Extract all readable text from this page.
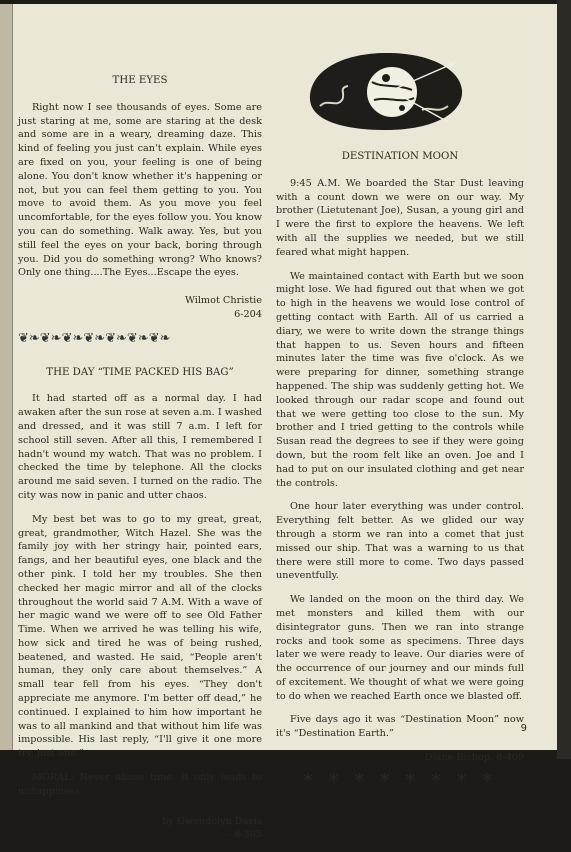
THE EYES

Right now I see thousands of eyes. Some are just staring at me, some are staring at the desk and some are in a weary, dreaming daze. This kind of feeling you just can't explain. While eyes are fixed on you, your feeling is one of being alone. You don't know whether it's happening or not, but you can feel them getting to you. You move to avoid them. As you move you feel uncomfortable, for the eyes follow you. You know you can do something. Walk away. Yes, but you still feel the eyes on your back, boring through you. Did you do something wrong? Who knows? Only one thing....The Eyes...Escape the eyes.

Wilmot Christie
6-204
❦❧❦❧❦❧❦❧❦❧❦❧❦❧
THE DAY “TIME PACKED HIS BAG”

It had started off as a normal day. I had awaken after the sun rose at seven a.m. I washed and dressed, and it was still 7 a.m. I left for school still seven. After all this, I remembered I hadn't wound my watch. That was no problem. I checked the time by telephone. All the clocks around me said seven. I turned on the radio. The city was now in panic and utter chaos.

My best bet was to go to my great, great, great, grandmother, Witch Hazel. She was the family joy with her stringy hair, pointed ears, fangs, and her beautiful eyes, one black and the other pink. I told her my troubles. She then checked her magic mirror and all of the clocks throughout the world said 7 A.M. With a wave of her magic wand we were off to see Old Father Time. When we arrived he was telling his wife, how sick and tired he was of being rushed, beatened, and wasted. He said, “People aren't human, they only care about themselves.” A small tear fell from his eyes. “They don't appreciate me anymore. I'm better off dead,” he continued. I explained to him how important he was to all mankind and that without him life was impossible. His last reply, “I'll give it one more try, just one.”

MORAL: Never abuse time. It only leads to unhappiness.

by Gwendolyn Davis
- 8-305
DESTINATION MOON

9:45 A.M. We boarded the Star Dust leaving with a count down we were on our way. My brother (Lietutenant Joe), Susan, a young girl and I were the first to explore the heavens. We left with all the supplies we needed, but we still feared what might happen.

We maintained contact with Earth but we soon might lose. We had figured out that when we got to high in the heavens we would lose control of getting contact with Earth. All of us carried a diary, we were to write down the strange things that happen to us. Seven hours and fifteen minutes later the time was five o'clock. As we were preparing for dinner, something strange happened. The ship was suddenly getting hot. We looked through our radar scope and found out that we were getting too close to the sun. My brother and I tried getting to the controls while Susan read the degrees to see if they were going down, but the room felt like an oven. Joe and I had to put on our insulated clothing and get near the controls.

One hour later everything was under control. Everything felt better. As we glided our way through a storm we ran into a comet that just missed our ship. That was a warning to us that there were still more to come. Two days passed uneventfully.

We landed on the moon on the third day. We met monsters and killed them with our disintegrator guns. Then we ran into strange rocks and took some as specimens. Three days later we were ready to leave. Our diaries were of the occurrence of our journey and our minds full of excitement. We thought of what we were going to do when we reached Earth once we blasted off.

Five days ago it was “Destination Moon” now it's “Destination Earth.”

Diane Bishop, 8-409
* * * * * * * *
9
